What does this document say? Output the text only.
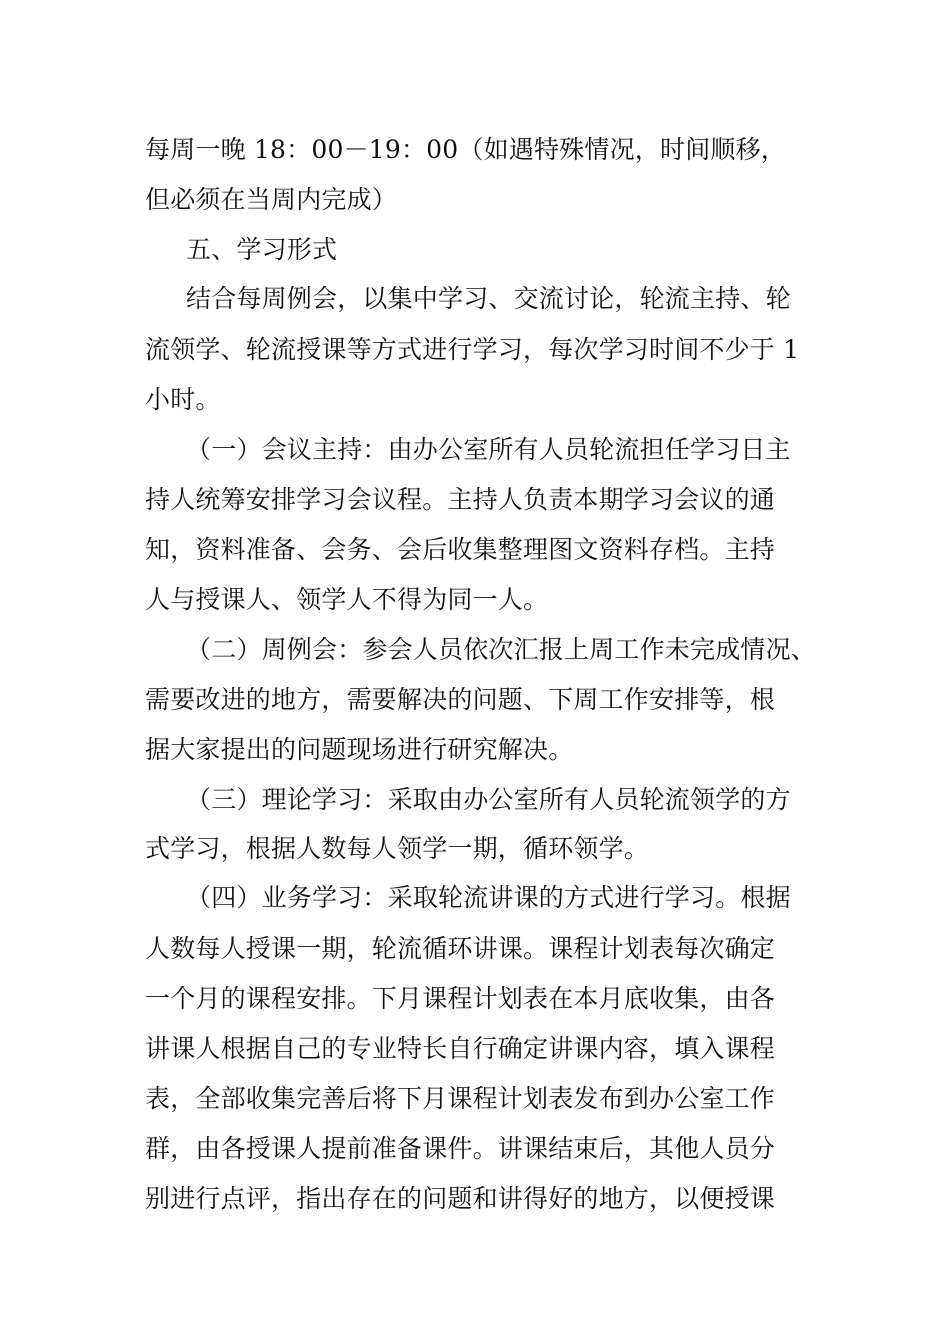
每周一晚 18：00－19：00（如遇特殊情况，时间顺移，
但必须在当周内完成）
五、学习形式
结合每周例会，以集中学习、交流讨论，轮流主持、轮
流领学、轮流授课等方式进行学习，每次学习时间不少于 1
小时。
（一）会议主持：由办公室所有人员轮流担任学习日主
持人统筹安排学习会议程。主持人负责本期学习会议的通
知，资料准备、会务、会后收集整理图文资料存档。主持
人与授课人、领学人不得为同一人。
（二）周例会：参会人员依次汇报上周工作未完成情况、
需要改进的地方，需要解决的问题、下周工作安排等，根
据大家提出的问题现场进行研究解决。
（三）理论学习：采取由办公室所有人员轮流领学的方
式学习，根据人数每人领学一期，循环领学。
（四）业务学习：采取轮流讲课的方式进行学习。根据
人数每人授课一期，轮流循环讲课。课程计划表每次确定
一个月的课程安排。下月课程计划表在本月底收集，由各
讲课人根据自己的专业特长自行确定讲课内容，填入课程
表，全部收集完善后将下月课程计划表发布到办公室工作
群，由各授课人提前准备课件。讲课结束后，其他人员分
别进行点评，指出存在的问题和讲得好的地方，以便授课
